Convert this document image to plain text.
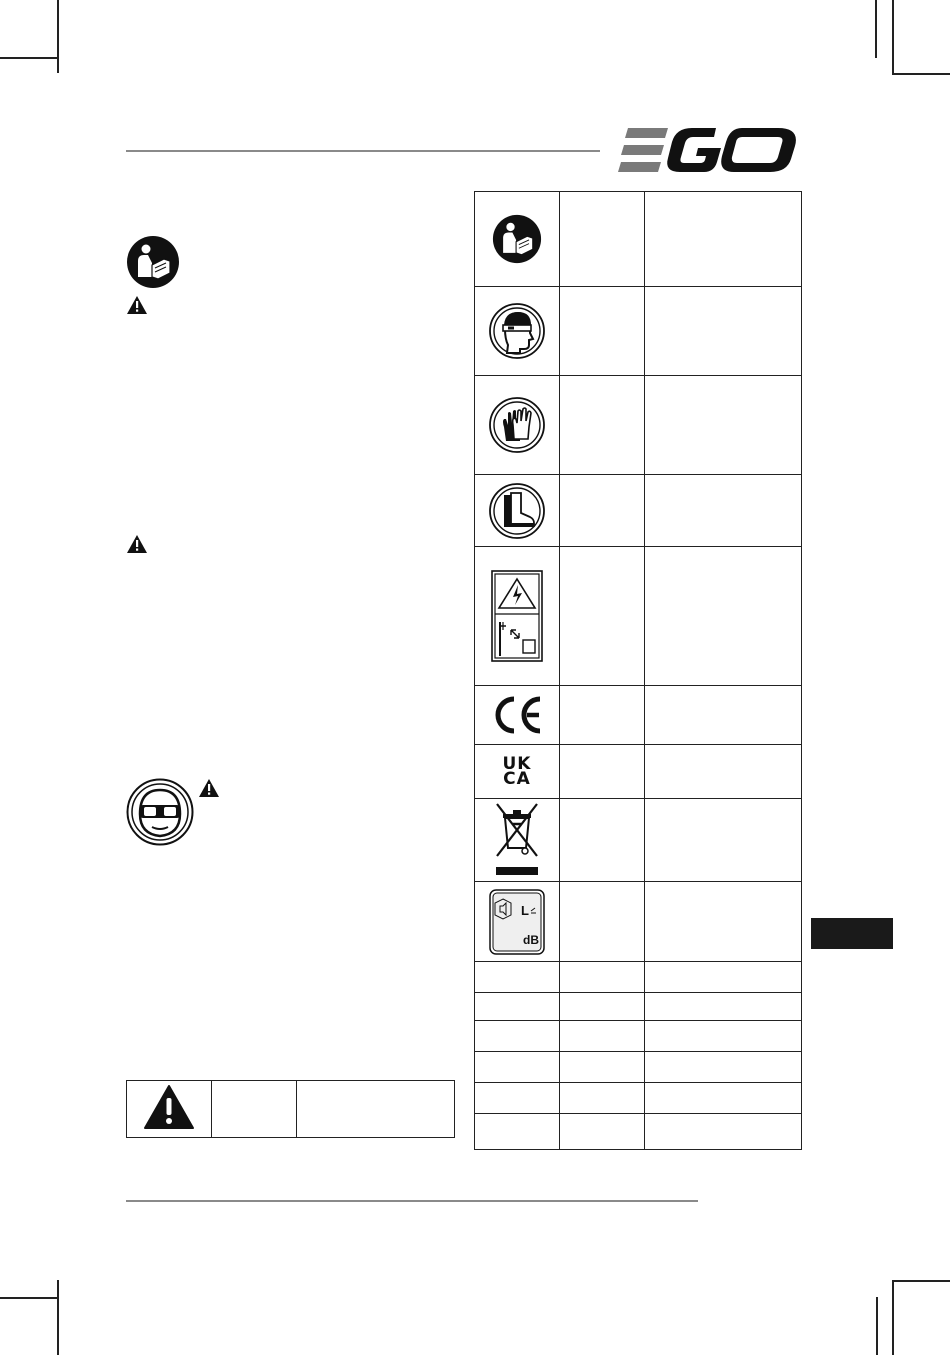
UK
CA		

L
dB		
